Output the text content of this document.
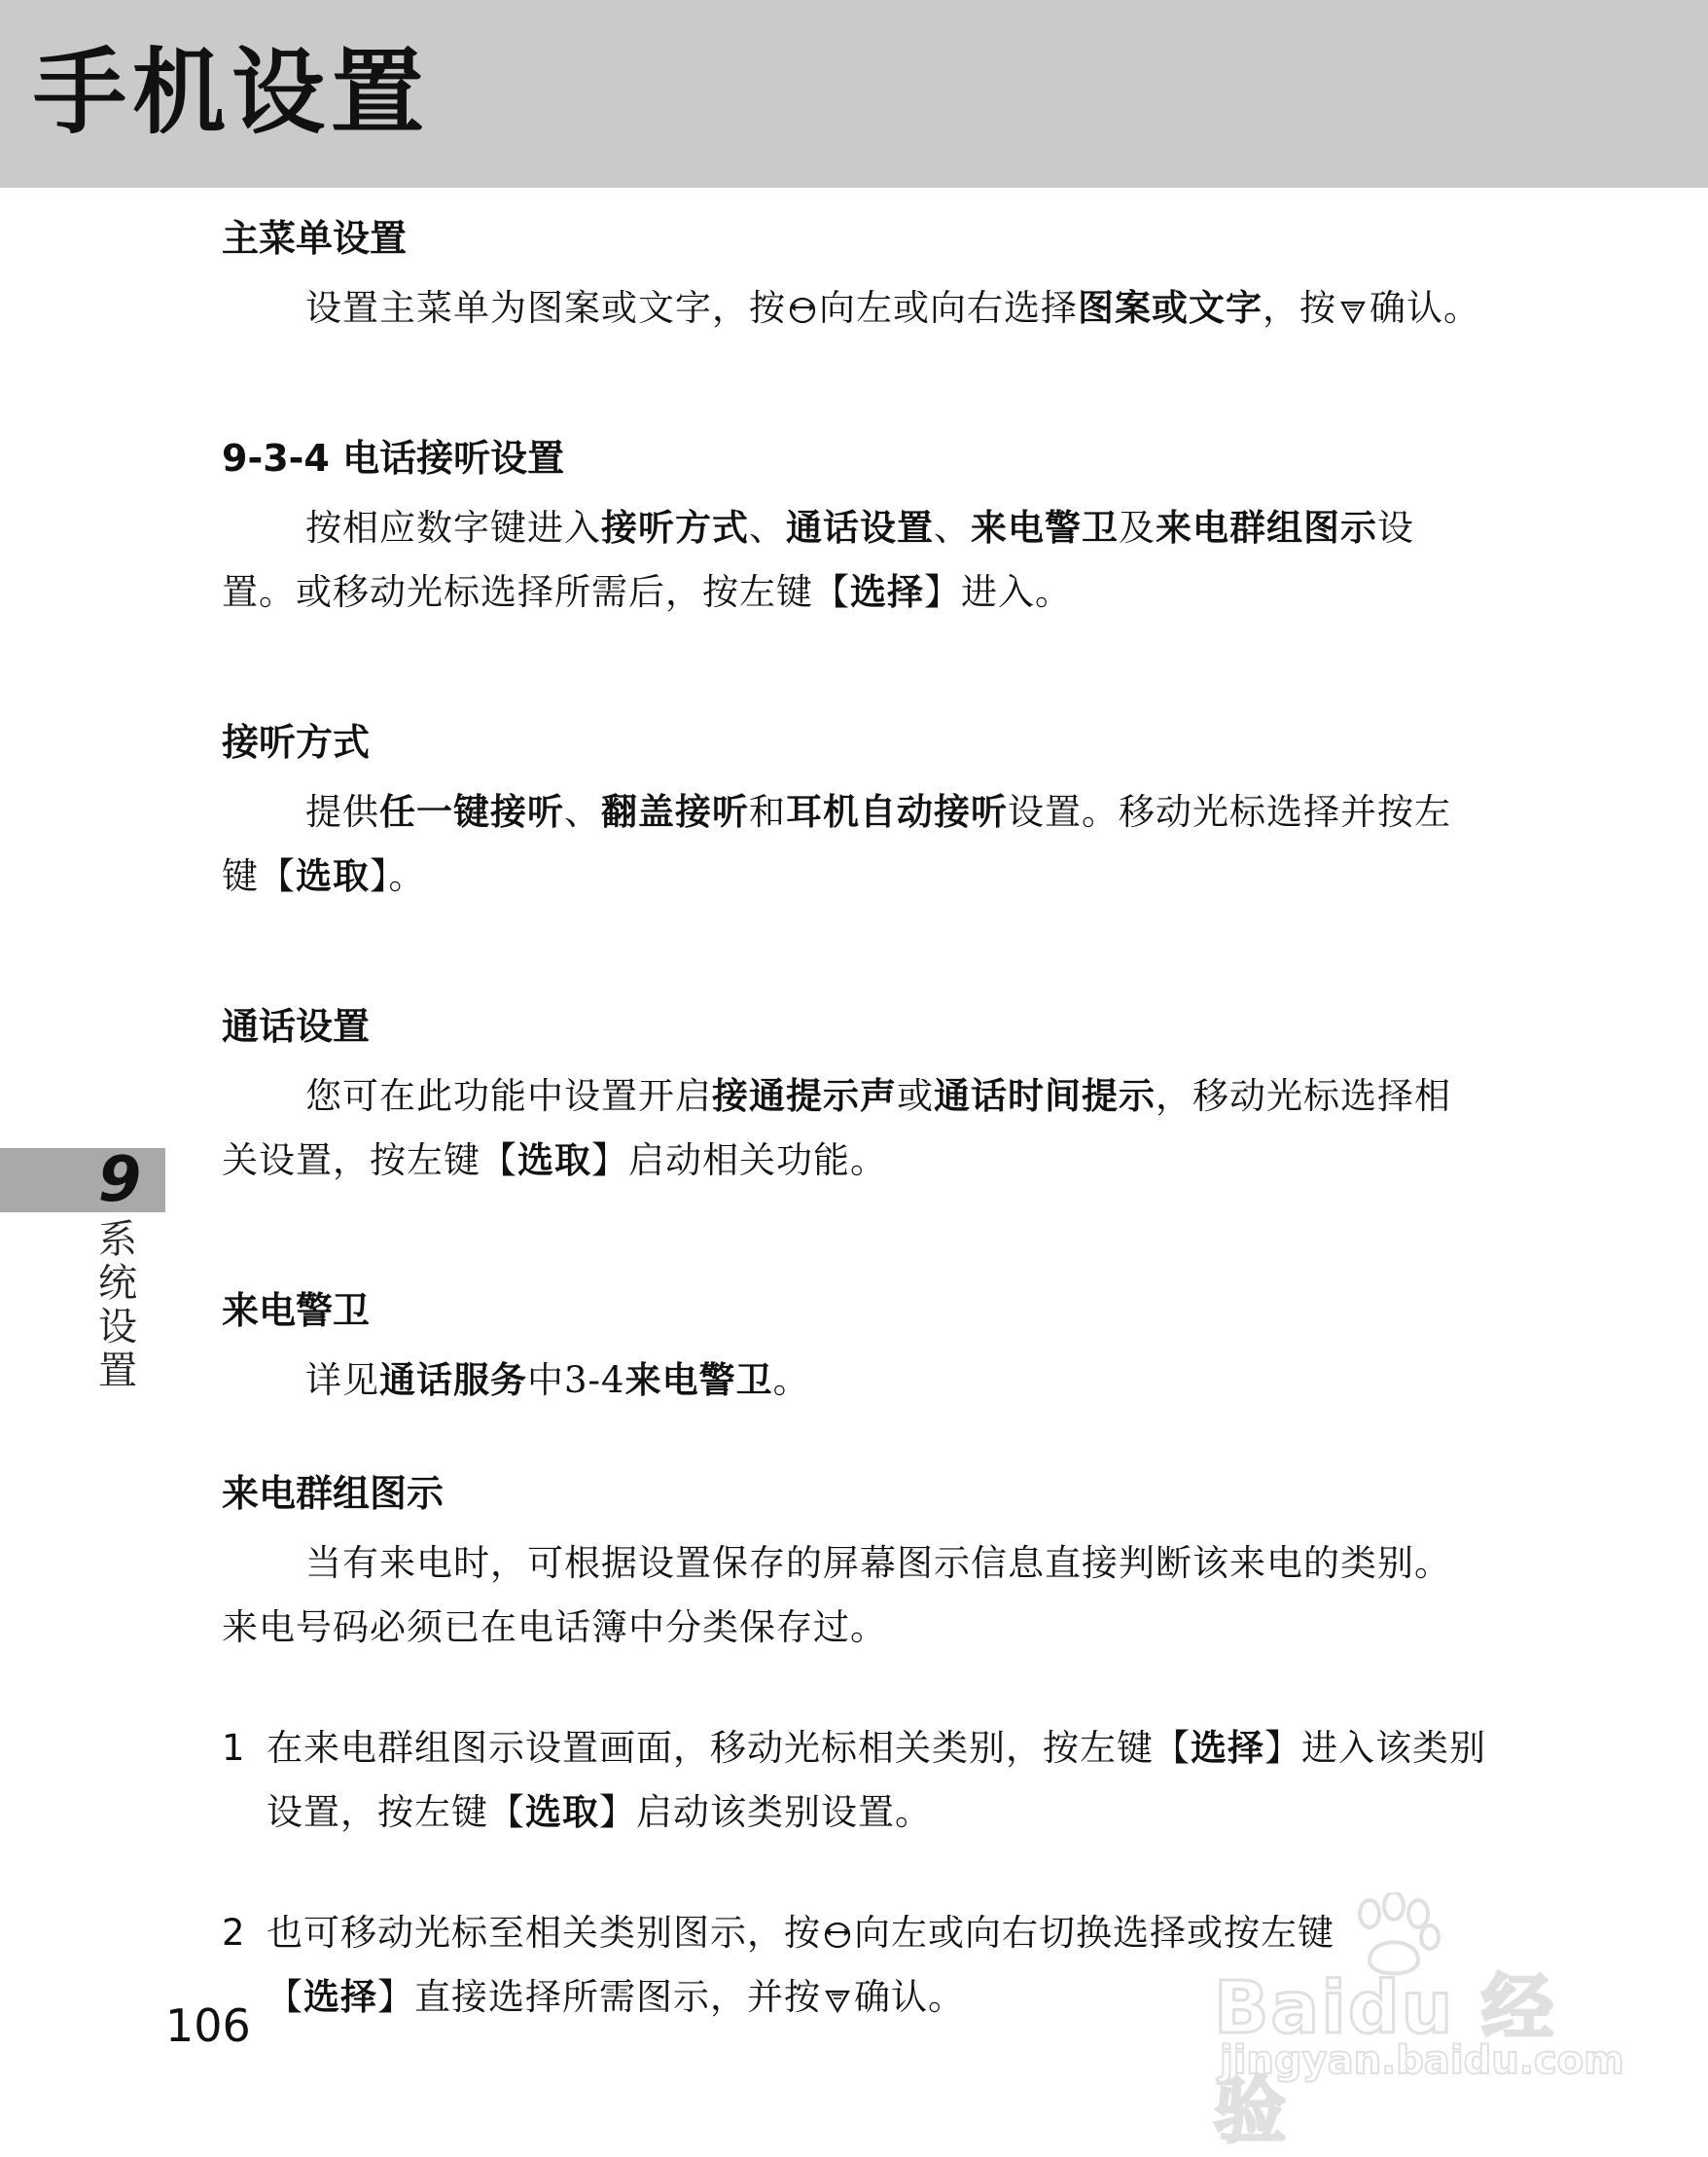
手机设置
主菜单设置

设置主菜单为图案或文字，按 向左或向右选择图案或文字，按 确认。

9-3-4 电话接听设置

按相应数字键进入接听方式、通话设置、来电警卫及来电群组图示设置。或移动光标选择所需后，按左键【选择】进入。

接听方式

提供任一键接听、翻盖接听和耳机自动接听设置。移动光标选择并按左键【选取】。

通话设置

您可在此功能中设置开启接通提示声或通话时间提示，移动光标选择相关设置，按左键【选取】启动相关功能。

来电警卫

详见通话服务中3-4来电警卫。

来电群组图示

当有来电时，可根据设置保存的屏幕图示信息直接判断该来电的类别。来电号码必须已在电话簿中分类保存过。

1 在来电群组图示设置画面，移动光标相关类别，按左键【选择】进入该类别设置，按左键【选取】启动该类别设置。
2 也可移动光标至相关类别图示，按 向左或向右切换选择或按左键
【选择】直接选择所需图示，并按 确认。
9
系统设置
106	Baidu 经验
jingyan.baidu.com
